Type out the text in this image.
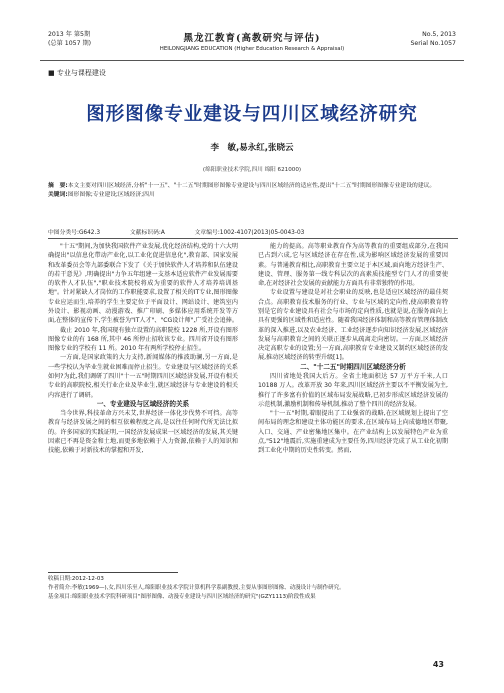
2013 年 第5期
(总第 1057 期)	黑龙江教育(高教研究与评估)
HEILONGJIANG EDUCATION (Higher Education Research & Appraisal)
No.5, 2013
Serial No.1057
■ 专业与课程建设
图形图像专业建设与四川区域经济研究
李　敏,易永红,张晓云
(绵阳职业技术学院,四川 绵阳 621000)
摘　要:本文主要对四川区域经济,分析"十一五"、"十二五"时期图形图像专业建设与四川区域经济的适应性,提出"十二五"时期图形图像专业建设的建议。
关键词:图形图像;专业建设;区域经济;四川
中图分类号:G642.3	文献标识码:A	文章编号:1002-4107(2013)05-0043-03

"十五"期间,为加快我国软件产业发展,优化经济结构,党的十六大明确提出"以信息化带动产业化,以工业化促进信息化",教育部、国家发展和改革委员会等九部委联合下发了《关于加快软件人才培养和队伍建设的若干意见》,明确提出"力争五年组建一支基本适应软件产业发展需要的软件人才队伍","职业技术院校将成为重要的软件人才培养培训基地"。针对紧缺人才岗位的工作职能要求,设置了相关的IT专业,图形图像专业应运而生,培养的学生主要定位于平面设计、网站设计、建筑室内外设计、影视动画、动漫游戏、推广印刷、多媒体应用系统开发等方面,在整体的宣传下,学生被誉为"IT人才"、"CG设计师",广受社会追捧。

截止 2010 年,我国现有独立设置的高职院校 1228 所,开设有图形图像专业的有 168 所,其中 46 所停止招收该专业。四川省开设有图形图像专业的学校有 11 所。2010 年有两所学校停止招生。

一方面,是国家政策的大力支持,新闻媒体的推波助澜,另一方面,是一些学校认为毕业生就业困难而停止招生。专业建设与区域经济的关系如何?为此,我们调研了四川"十一五"时期四川区域经济发展,开设有相关专业的高职院校,相关行业企业及毕业生,就区域经济与专业建设的相关内容进行了调研。

一、专业建设与区域经济的关系

当今世界,科技革命方兴未艾,世界经济一体化步伐势不可挡。高等教育与经济发展之间的相互依赖程度之高,是以往任何时代所无法比拟的。许多国家的实践证明,一国经济发展成果一区域经济的发展,其关键因素已不再是资金和土地,而更多地依赖于人力资源,依赖于人的知识和技能,依赖于对新技术的掌握和开发,

能力的提高。高等职业教育作为高等教育的重要组成部分,在我国已占到六成,它与区域经济在存在性,成为影响区域经济发展的重要因素。与普通教育相比,高职教育主要立足于本区域,面向地方经济生产、建设、管理、服务第一线专科层次的高素质技能型专门人才的重要使命,在对经济社会发展的贡献能力方面具有非常独特的作用。

专业设置与建设是对社会职业的反映,也是适应区域经济的最佳契合点。高职教育技术服务的行业、专业与区域的定向性,使高职教育特别是它的专业建设具有社会与市场的定向性质,也就是说,在服务面向上具有更强的区域性和适应性。随着我国经济体制和高等教育管理体制改革的深入推进,以及农业经济、工业经济逐步向知识经济发展,区域经济发展与高职教育之间的关联正逐步从疏离走向密切。一方面,区域经济决定高职专业的设置;另一方面,高职教育专业建设又制约区域经济的发展,推动区域经济的转型升级[1]。

二、"十二五"时期四川区域经济分析

四川省地处我国大后方。全省土地面积达 57 万平方千米,人口 10188 万人。改革开放 30 年来,四川区域经济主要以不平衡发展为主,推行了许多富有价值的区域布局发展战略,已初步形成区域经济发展的示范机制,激励机制和传导机制,推动了整个四川的经济发展。

"十一五"时期,着眼提出了工业强省的战略,在区域规划上提出了空间布局的理念和建设主体功能区的要求,在区域布局上向成德地区带聚,入口、交通、产业密集地区集中。在产业结构上以发展特色产业为重点,"512"地震后,实施重建成为主要任务,四川经济完成了从工业化初期到工业化中期的历史性转变。然而,

收稿日期:2012-12-03

作者简介:李敏(1969—),女,四川乐至人,绵阳职业技术学院计算机科学系副教授,主要从事图形图像、动漫设计与制作研究。

基金项目:绵阳职业技术学院科研项目"图形图像、动漫专业建设与四川区域经济的研究"(GZY1113)阶段性成果

43
